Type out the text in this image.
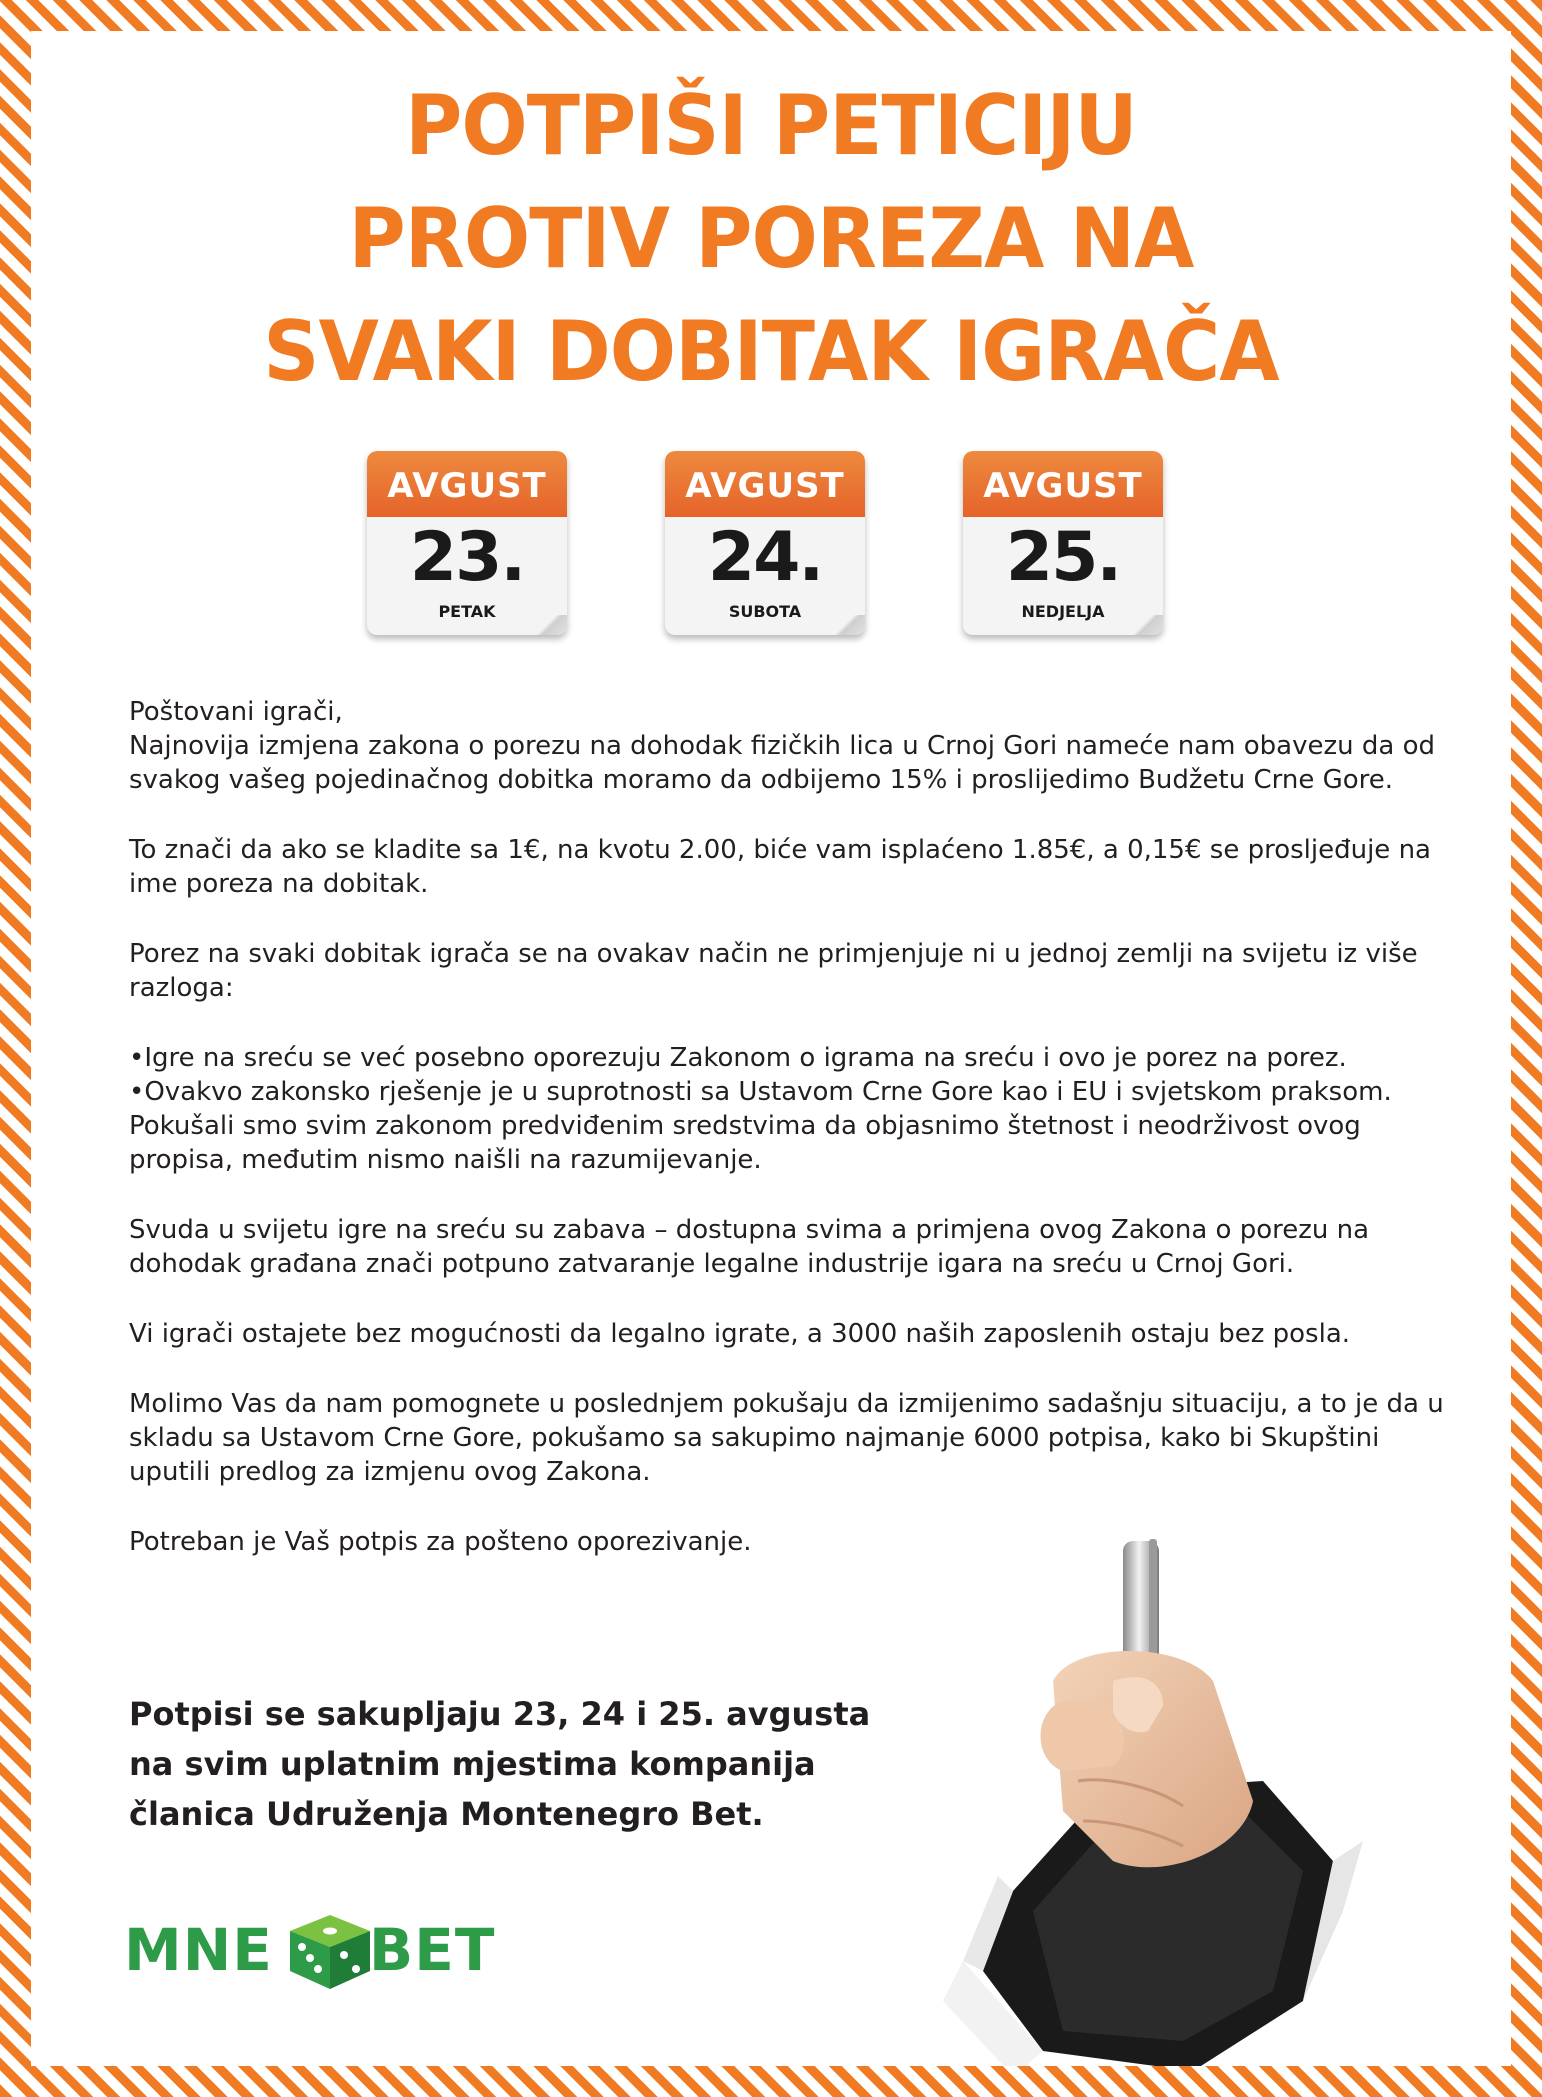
POTPIŠI PETICIJU
PROTIV POREZA NA
SVAKI DOBITAK IGRAČA
AVGUST
23.
PETAK
AVGUST
24.
SUBOTA
AVGUST
25.
NEDJELJA

Poštovani igrači,

Najnovija izmjena zakona o porezu na dohodak fizičkih lica u Crnoj Gori nameće nam obavezu da od svakog vašeg pojedinačnog dobitka moramo da odbijemo 15% i proslijedimo Budžetu Crne Gore.

To znači da ako se kladite sa 1€, na kvotu 2.00, biće vam isplaćeno 1.85€, a 0,15€ se prosljeđuje na ime poreza na dobitak.

Porez na svaki dobitak igrača se na ovakav način ne primjenjuje ni u jednoj zemlji na svijetu iz više razloga:

•Igre na sreću se već posebno oporezuju Zakonom o igrama na sreću i ovo je porez na porez.

•Ovakvo zakonsko rješenje je u suprotnosti sa Ustavom Crne Gore kao i EU i svjetskom praksom.

Pokušali smo svim zakonom predviđenim sredstvima da objasnimo štetnost i neodrživost ovog propisa, međutim nismo naišli na razumijevanje.

Svuda u svijetu igre na sreću su zabava – dostupna svima a primjena ovog Zakona o porezu na dohodak građana znači potpuno zatvaranje legalne industrije igara na sreću u Crnoj Gori.

Vi igrači ostajete bez mogućnosti da legalno igrate, a 3000 naših zaposlenih ostaju bez posla.

Molimo Vas da nam pomognete u poslednjem pokušaju da izmijenimo sadašnju situaciju, a to je da u skladu sa Ustavom Crne Gore, pokušamo sa sakupimo najmanje 6000 potpisa, kako bi Skupštini uputili predlog za izmjenu ovog Zakona.

Potreban je Vaš potpis za pošteno oporezivanje.

Potpisi se sakupljaju 23, 24 i 25. avgusta
na svim uplatnim mjestima kompanija
članica Udruženja Montenegro Bet.
MNE BET
